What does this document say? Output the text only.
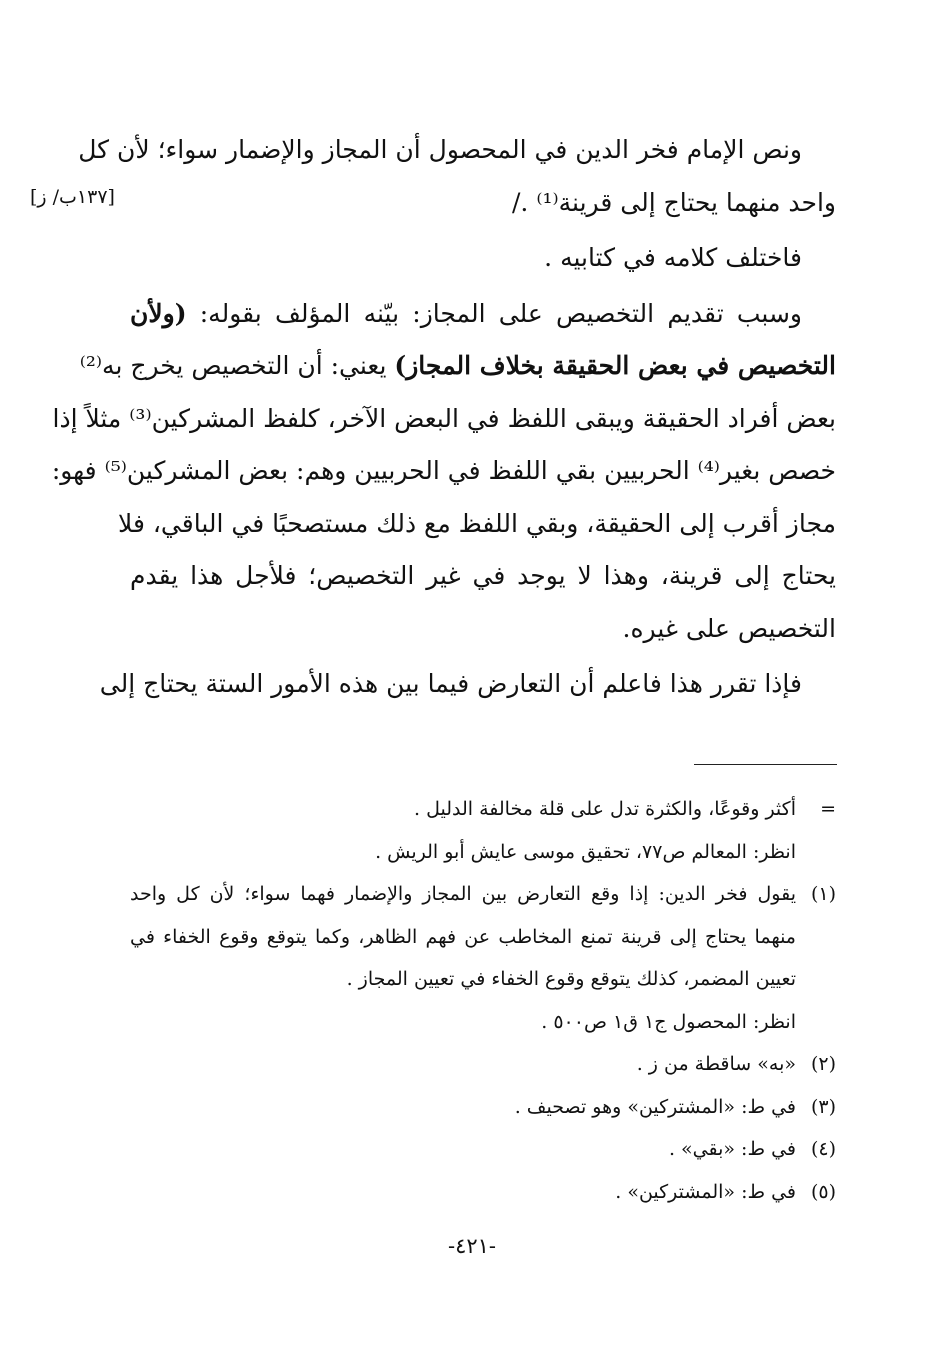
[١٣٧ب/ ز]
ونص الإمام فخر الدين في المحصول أن المجاز والإضمار سواء؛ لأن كل
واحد منهما يحتاج إلى قرينة⁽¹⁾ ./
فاختلف كلامه في كتابيه .
وسبب تقديم التخصيص على المجاز: بيّنه المؤلف بقوله: (ولأن
التخصيص في بعض الحقيقة بخلاف المجاز) يعني: أن التخصيص يخرج به⁽²⁾
بعض أفراد الحقيقة ويبقى اللفظ في البعض الآخر، كلفظ المشركين⁽³⁾ مثلاً إذا
خصص بغير⁽⁴⁾ الحربيين بقي اللفظ في الحربيين وهم: بعض المشركين⁽⁵⁾ فهو:
مجاز أقرب إلى الحقيقة، وبقي اللفظ مع ذلك مستصحبًا في الباقي، فلا
يحتاج إلى قرينة، وهذا لا يوجد في غير التخصيص؛ فلأجل هذا يقدم
التخصيص على غيره.
فإذا تقرر هذا فاعلم أن التعارض فيما بين هذه الأمور الستة يحتاج إلى
=
أكثر وقوعًا، والكثرة تدل على قلة مخالفة الدليل .
انظر: المعالم ص٧٧، تحقيق موسى عايش أبو الريش .
(١)
يقول فخر الدين: إذا وقع التعارض بين المجاز والإضمار فهما سواء؛ لأن كل واحد
منهما يحتاج إلى قرينة تمنع المخاطب عن فهم الظاهر، وكما يتوقع وقوع الخفاء في
تعيين المضمر، كذلك يتوقع وقوع الخفاء في تعيين المجاز .
انظر: المحصول ج١ ق١ ص٥٠٠ .
(٢)
«به» ساقطة من ز .
(٣)
في ط: «المشتركين» وهو تصحيف .
(٤)
في ط: «بقي» .
(٥)
في ط: «المشتركين» .
-٤٢١-
